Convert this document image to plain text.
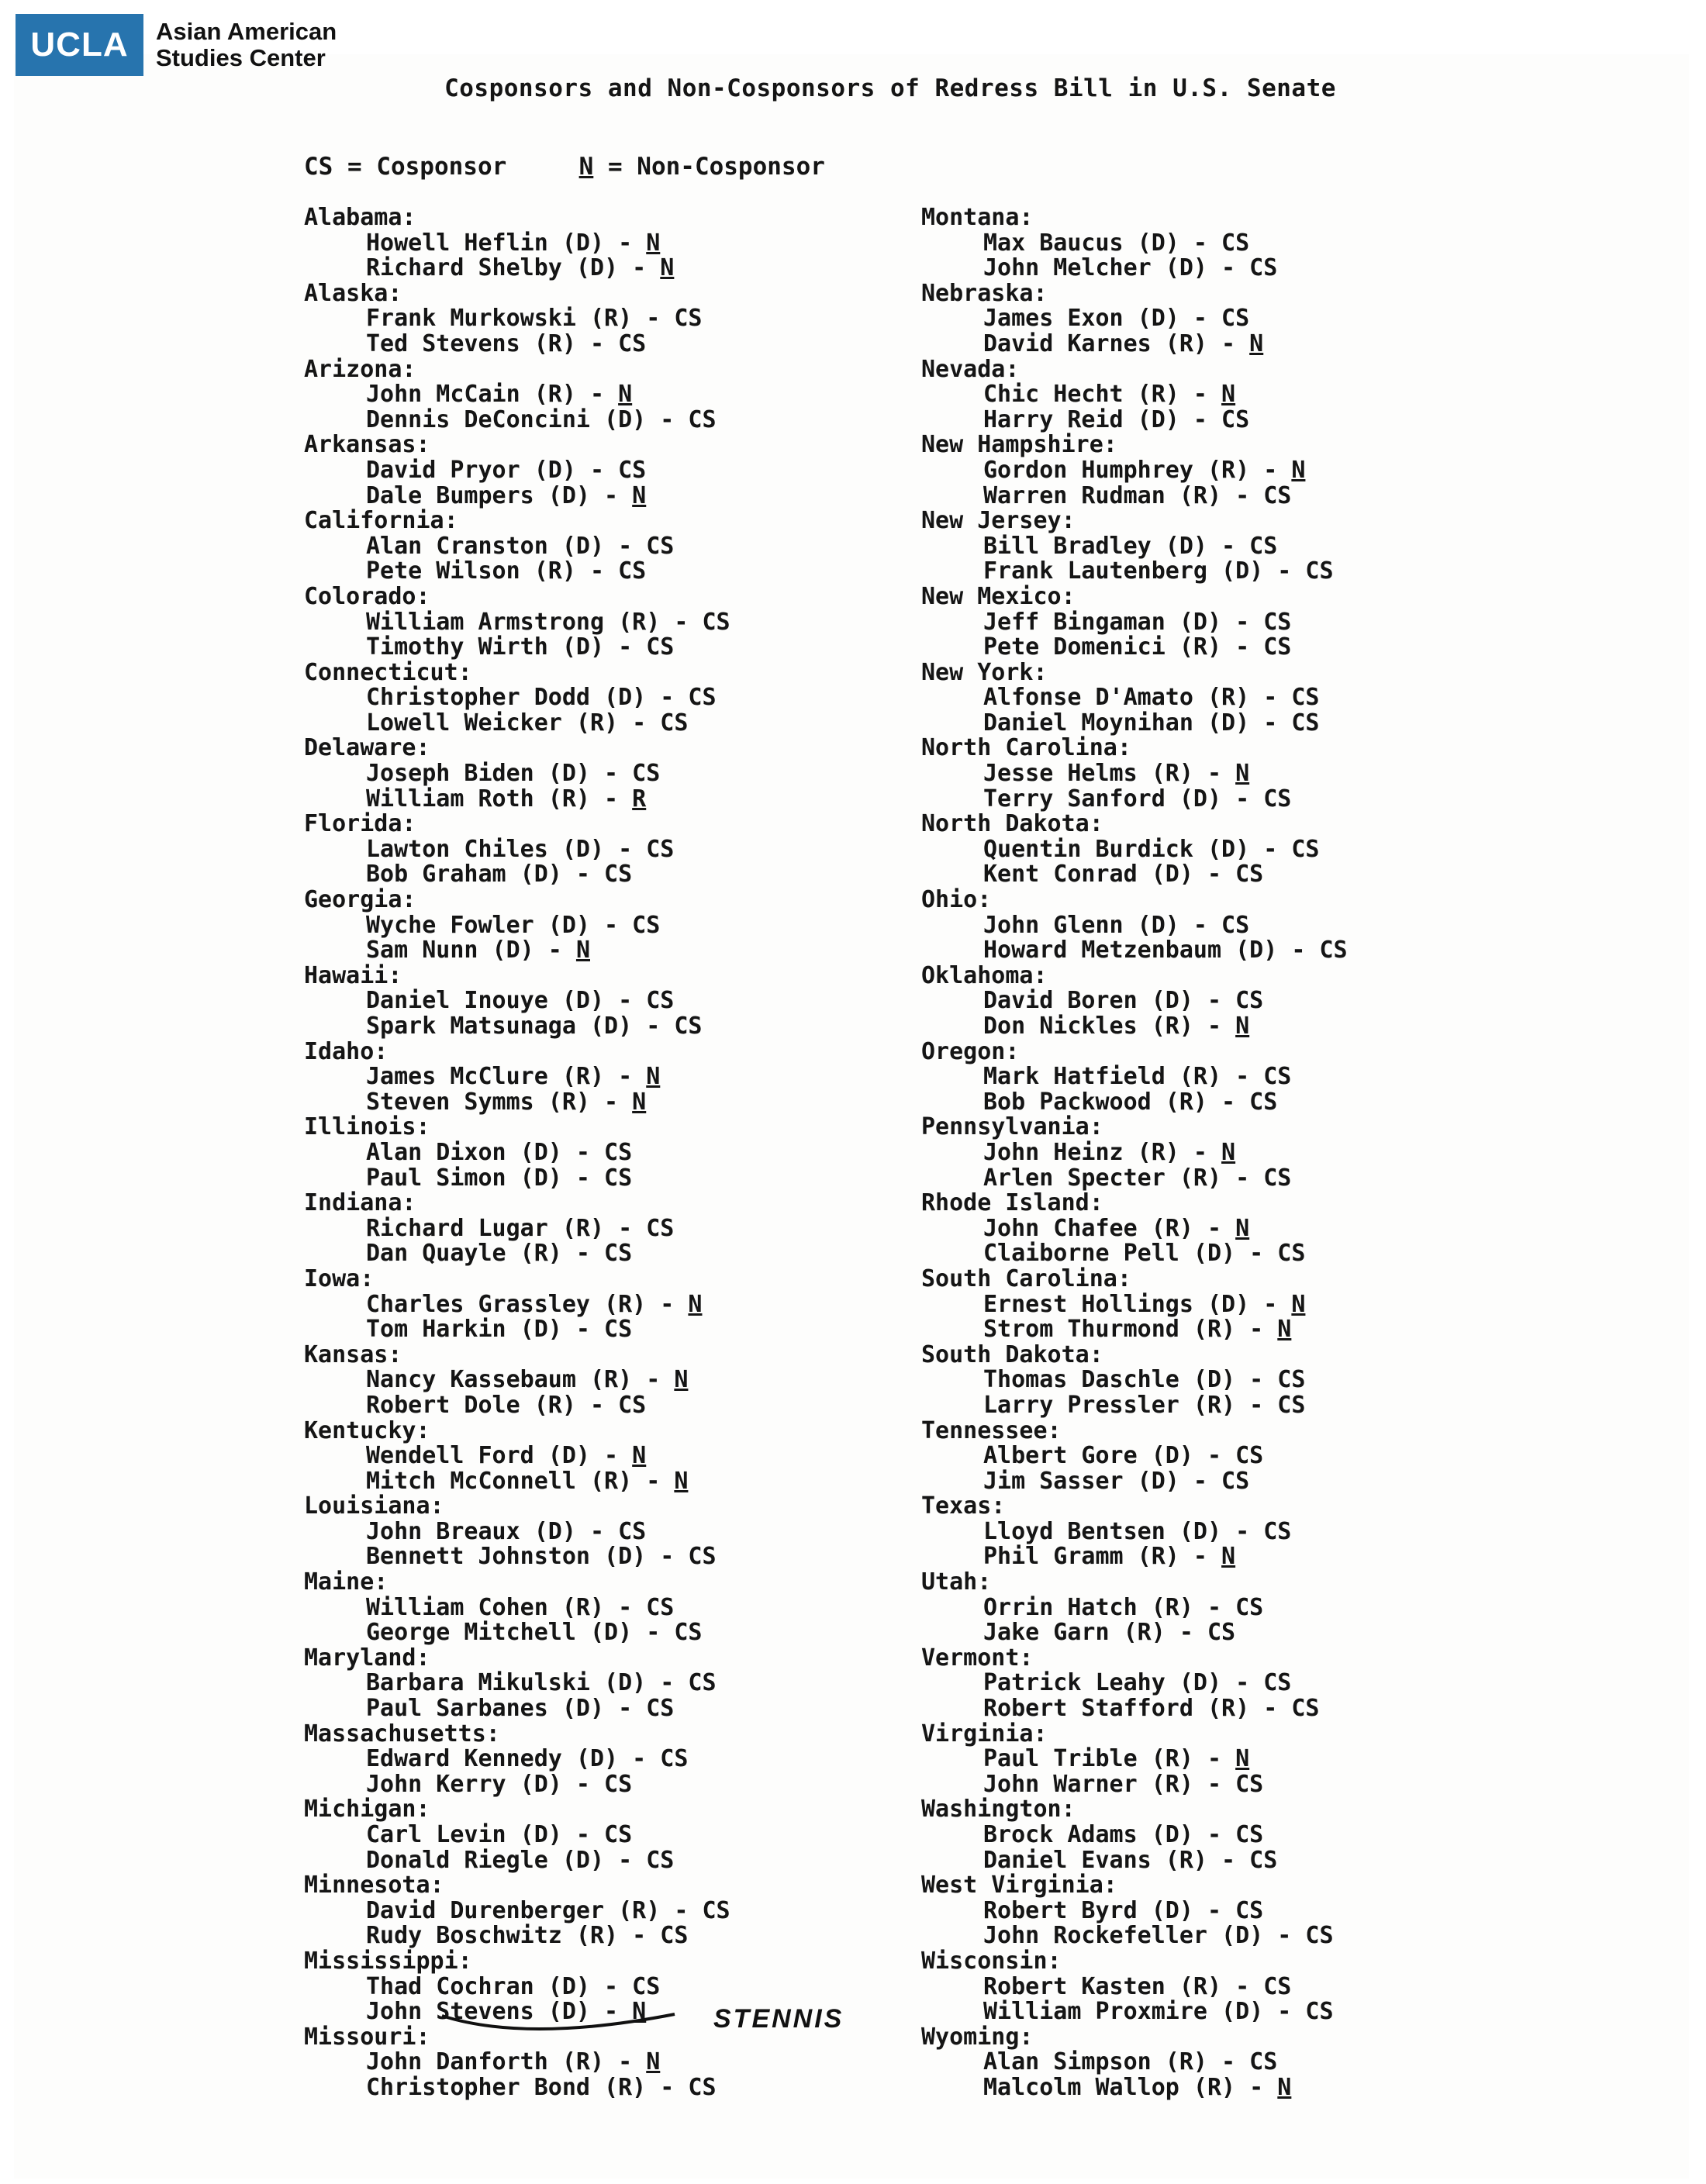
UCLA	Asian American
Studies Center
Cosponsors and Non-Cosponsors of Redress Bill in U.S. Senate
CS = Cosponsor	N = Non-Cosponsor
Alabama:
Howell Heflin (D) - N
Richard Shelby (D) - N
Alaska:
Frank Murkowski (R) - CS
Ted Stevens (R) - CS
Arizona:
John McCain (R) - N
Dennis DeConcini (D) - CS
Arkansas:
David Pryor (D) - CS
Dale Bumpers (D) - N
California:
Alan Cranston (D) - CS
Pete Wilson (R) - CS
Colorado:
William Armstrong (R) - CS
Timothy Wirth (D) - CS
Connecticut:
Christopher Dodd (D) - CS
Lowell Weicker (R) - CS
Delaware:
Joseph Biden (D) - CS
William Roth (R) - R
Florida:
Lawton Chiles (D) - CS
Bob Graham (D) - CS
Georgia:
Wyche Fowler (D) - CS
Sam Nunn (D) - N
Hawaii:
Daniel Inouye (D) - CS
Spark Matsunaga (D) - CS
Idaho:
James McClure (R) - N
Steven Symms (R) - N
Illinois:
Alan Dixon (D) - CS
Paul Simon (D) - CS
Indiana:
Richard Lugar (R) - CS
Dan Quayle (R) - CS
Iowa:
Charles Grassley (R) - N
Tom Harkin (D) - CS
Kansas:
Nancy Kassebaum (R) - N
Robert Dole (R) - CS
Kentucky:
Wendell Ford (D) - N
Mitch McConnell (R) - N
Louisiana:
John Breaux (D) - CS
Bennett Johnston (D) - CS
Maine:
William Cohen (R) - CS
George Mitchell (D) - CS
Maryland:
Barbara Mikulski (D) - CS
Paul Sarbanes (D) - CS
Massachusetts:
Edward Kennedy (D) - CS
John Kerry (D) - CS
Michigan:
Carl Levin (D) - CS
Donald Riegle (D) - CS
Minnesota:
David Durenberger (R) - CS
Rudy Boschwitz (R) - CS
Mississippi:
Thad Cochran (D) - CS
John Stevens (D) - N
Missouri:
John Danforth (R) - N
Christopher Bond (R) - CS
Montana:
Max Baucus (D) - CS
John Melcher (D) - CS
Nebraska:
James Exon (D) - CS
David Karnes (R) - N
Nevada:
Chic Hecht (R) - N
Harry Reid (D) - CS
New Hampshire:
Gordon Humphrey (R) - N
Warren Rudman (R) - CS
New Jersey:
Bill Bradley (D) - CS
Frank Lautenberg (D) - CS
New Mexico:
Jeff Bingaman (D) - CS
Pete Domenici (R) - CS
New York:
Alfonse D'Amato (R) - CS
Daniel Moynihan (D) - CS
North Carolina:
Jesse Helms (R) - N
Terry Sanford (D) - CS
North Dakota:
Quentin Burdick (D) - CS
Kent Conrad (D) - CS
Ohio:
John Glenn (D) - CS
Howard Metzenbaum (D) - CS
Oklahoma:
David Boren (D) - CS
Don Nickles (R) - N
Oregon:
Mark Hatfield (R) - CS
Bob Packwood (R) - CS
Pennsylvania:
John Heinz (R) - N
Arlen Specter (R) - CS
Rhode Island:
John Chafee (R) - N
Claiborne Pell (D) - CS
South Carolina:
Ernest Hollings (D) - N
Strom Thurmond (R) - N
South Dakota:
Thomas Daschle (D) - CS
Larry Pressler (R) - CS
Tennessee:
Albert Gore (D) - CS
Jim Sasser (D) - CS
Texas:
Lloyd Bentsen (D) - CS
Phil Gramm (R) - N
Utah:
Orrin Hatch (R) - CS
Jake Garn (R) - CS
Vermont:
Patrick Leahy (D) - CS
Robert Stafford (R) - CS
Virginia:
Paul Trible (R) - N
John Warner (R) - CS
Washington:
Brock Adams (D) - CS
Daniel Evans (R) - CS
West Virginia:
Robert Byrd (D) - CS
John Rockefeller (D) - CS
Wisconsin:
Robert Kasten (R) - CS
William Proxmire (D) - CS
Wyoming:
Alan Simpson (R) - CS
Malcolm Wallop (R) - N
STENNIS
